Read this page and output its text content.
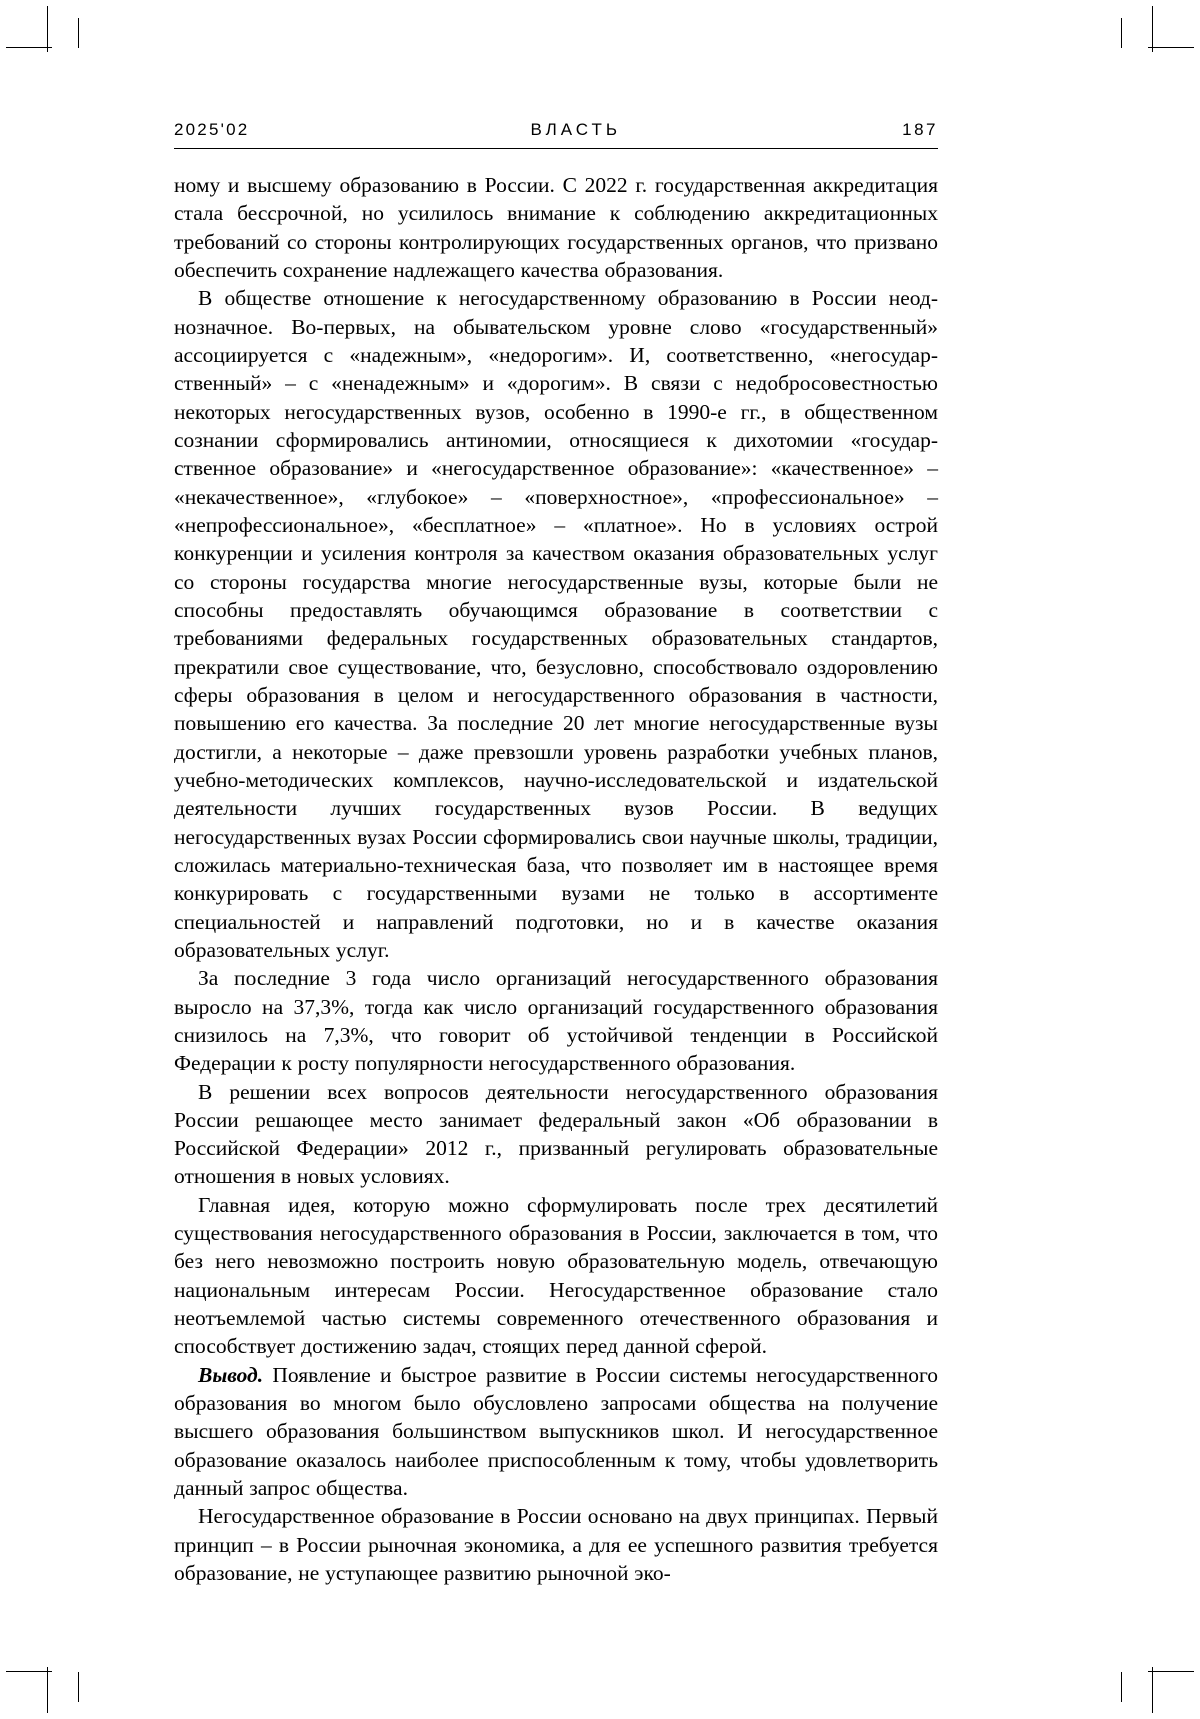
2025'02	ВЛАСТЬ	187

ному и высшему образованию в России. С 2022 г. государственная аккредитация стала бессрочной, но усилилось внимание к соблюдению аккредитационных требований со стороны контролирующих государственных органов, что призвано обеспечить сохранение надлежащего качества образования.

В обществе отношение к негосударственному образованию в России неоднозначное. Во-первых, на обывательском уровне слово «государственный» ассоциируется с «надежным», «недорогим». И, соответственно, «негосударственный» – с «ненадежным» и «дорогим». В связи с недобросовестностью некоторых негосударственных вузов, особенно в 1990-е гг., в общественном сознании сформировались антиномии, относящиеся к дихотомии «государственное образование» и «негосударственное образование»: «качественное» – «некачественное», «глубокое» – «поверхностное», «профессиональное» – «непрофессиональное», «бесплатное» – «платное». Но в условиях острой конкуренции и усиления контроля за качеством оказания образовательных услуг со стороны государства многие негосударственные вузы, которые были не способны предоставлять обучающимся образование в соответствии с требованиями федеральных государственных образовательных стандартов, прекратили свое существование, что, безусловно, способствовало оздоровлению сферы образования в целом и негосударственного образования в частности, повышению его качества. За последние 20 лет многие негосударственные вузы достигли, а некоторые – даже превзошли уровень разработки учебных планов, учебно-методических комплексов, научно-исследовательской и издательской деятельности лучших государственных вузов России. В ведущих негосударственных вузах России сформировались свои научные школы, традиции, сложилась материально-техническая база, что позволяет им в настоящее время конкурировать с государственными вузами не только в ассортименте специальностей и направлений подготовки, но и в качестве оказания образовательных услуг.

За последние 3 года число организаций негосударственного образования выросло на 37,3%, тогда как число организаций государственного образования снизилось на 7,3%, что говорит об устойчивой тенденции в Российской Федерации к росту популярности негосударственного образования.

В решении всех вопросов деятельности негосударственного образования России решающее место занимает федеральный закон «Об образовании в Российской Федерации» 2012 г., призванный регулировать образовательные отношения в новых условиях.

Главная идея, которую можно сформулировать после трех десятилетий существования негосударственного образования в России, заключается в том, что без него невозможно построить новую образовательную модель, отвечающую национальным интересам России. Негосударственное образование стало неотъемлемой частью системы современного отечественного образования и способствует достижению задач, стоящих перед данной сферой.

Вывод. Появление и быстрое развитие в России системы негосударственного образования во многом было обусловлено запросами общества на получение высшего образования большинством выпускников школ. И негосударственное образование оказалось наиболее приспособленным к тому, чтобы удовлетворить данный запрос общества.

Негосударственное образование в России основано на двух принципах. Первый принцип – в России рыночная экономика, а для ее успешного развития требуется образование, не уступающее развитию рыночной эко-
